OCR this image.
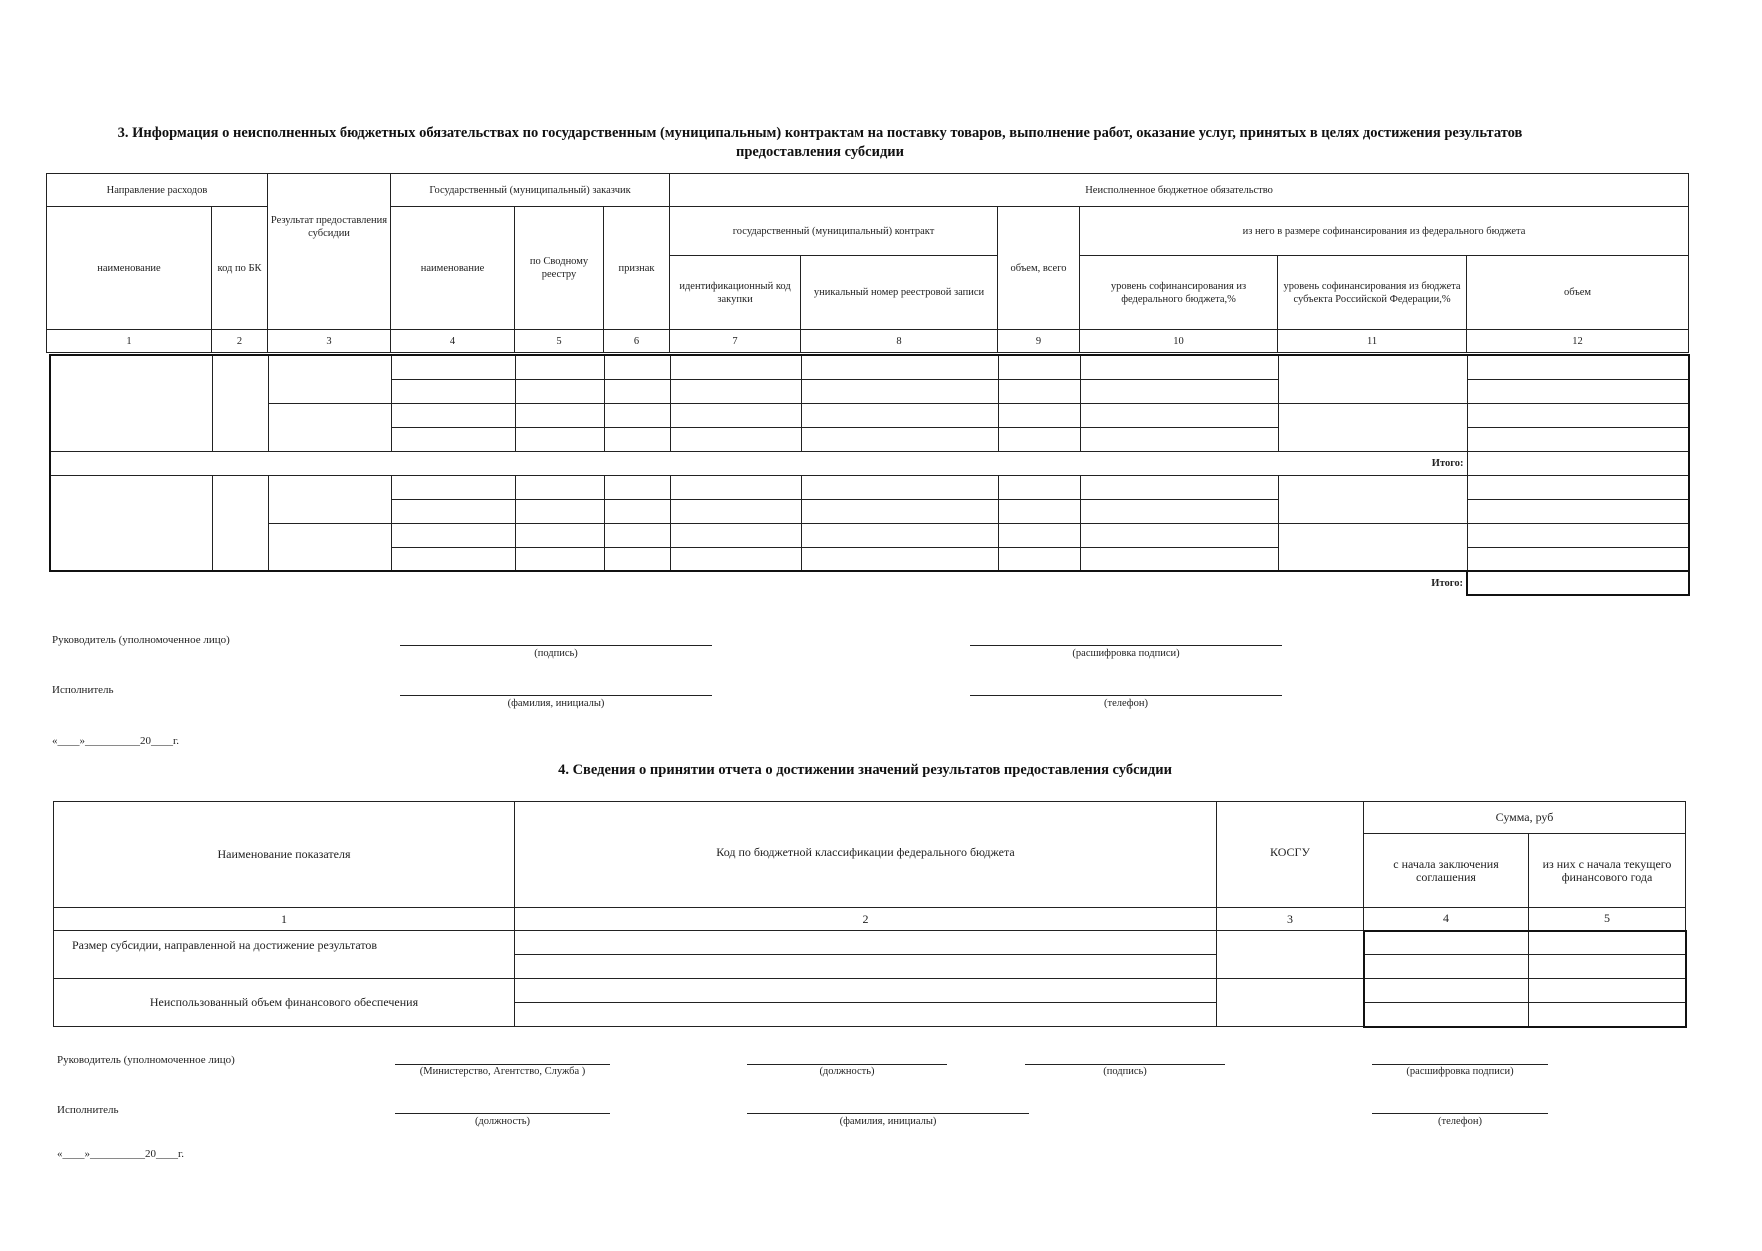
3. Информация о неисполненных бюджетных обязательствах по государственным (муниципальным) контрактам на поставку товаров, выполнение работ, оказание услуг, принятых в целях достижения результатов
предоставления субсидии
Направление расходов		Результат предоставления субсидии	Государственный (муниципальный) заказчик			Неисполненное бюджетное обязательство					
наименование	код по БК		наименование	по Сводному реестру	признак	государственный (муниципальный) контракт		объем, всего	из него в размере софинансирования из федерального бюджета		
						идентификационный код закупки	уникальный номер реестровой записи		уровень софинансирования из федерального бюджета,%	уровень софинансирования из бюджета субъекта Российской Федерации,%	объем
1	2	3	4	5	6	7	8	9	10	11	12

Итого:											

Итого:											
Руководитель (уполномоченное лицо)
(подпись)	(расшифровка подписи)
Исполнитель
(фамилия, инициалы)	(телефон)
«____»__________20____г.
4. Сведения о принятии отчета о достижении значений результатов предоставления субсидии
Наименование показателя	Код по бюджетной классификации федерального бюджета	КОСГУ	Сумма, руб	
			с начала заключения соглашения	из них с начала текущего финансового года
1	2	3	4	5
Размер субсидии, направленной на достижение результатов				

Неиспользованный объем финансового обеспечения				

Руководитель (уполномоченное лицо)
(Министерство, Агентство, Служба )	(должность)	(подпись)	(расшифровка подписи)
Исполнитель
(должность)	(фамилия, инициалы)	(телефон)
«____»__________20____г.
